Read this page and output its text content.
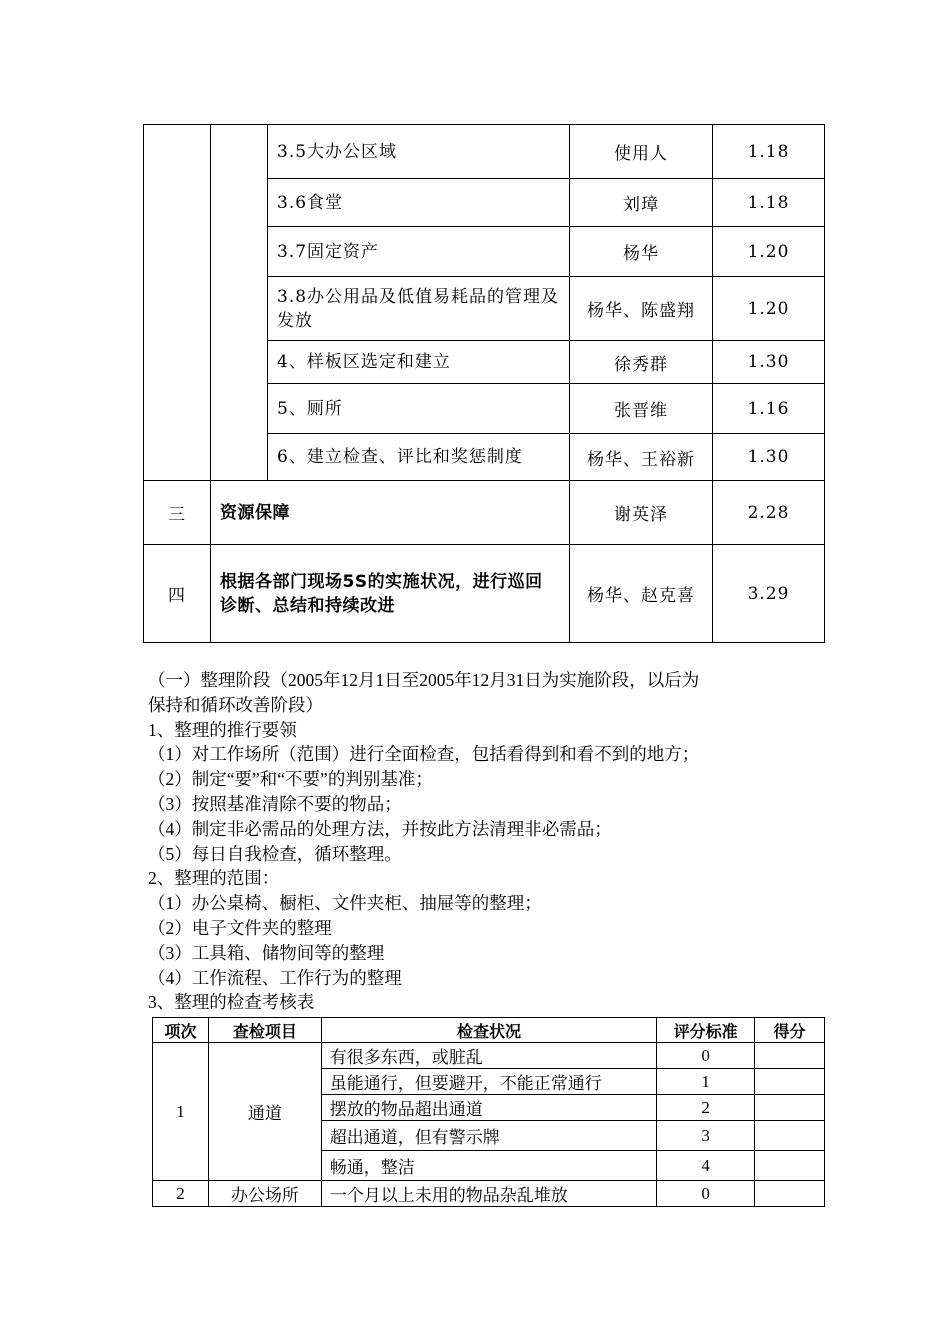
		3.5大办公区域	使用人	1.18
		3.6食堂	刘璋	1.18
		3.7固定资产	杨华	1.20
		3.8办公用品及低值易耗品的管理及发放	杨华、陈盛翔	1.20
		4、样板区选定和建立	徐秀群	1.30
		5、厕所	张晋维	1.16
		6、建立检查、评比和奖惩制度	杨华、王裕新	1.30
三	资源保障		谢英泽	2.28
四	根据各部门现场5S的实施状况，进行巡回诊断、总结和持续改进		杨华、赵克喜	3.29
（一）整理阶段（2005年12月1日至2005年12月31日为实施阶段，以后为
保持和循环改善阶段）
1、整理的推行要领
（1）对工作场所（范围）进行全面检查，包括看得到和看不到的地方；
（2）制定“要”和“不要”的判别基准；
（3）按照基准清除不要的物品；
（4）制定非必需品的处理方法，并按此方法清理非必需品；
（5）每日自我检查，循环整理。
2、整理的范围：
（1）办公桌椅、橱柜、文件夹柜、抽屉等的整理；
（2）电子文件夹的整理
（3）工具箱、储物间等的整理
（4）工作流程、工作行为的整理
3、整理的检查考核表
项次	查检项目	检查状况	评分标准	得分
1	通道	有很多东西，或脏乱	0	
		虽能通行，但要避开，不能正常通行	1	
		摆放的物品超出通道	2	
		超出通道，但有警示牌	3	
		畅通，整洁	4	
2	办公场所	一个月以上未用的物品杂乱堆放	0	
